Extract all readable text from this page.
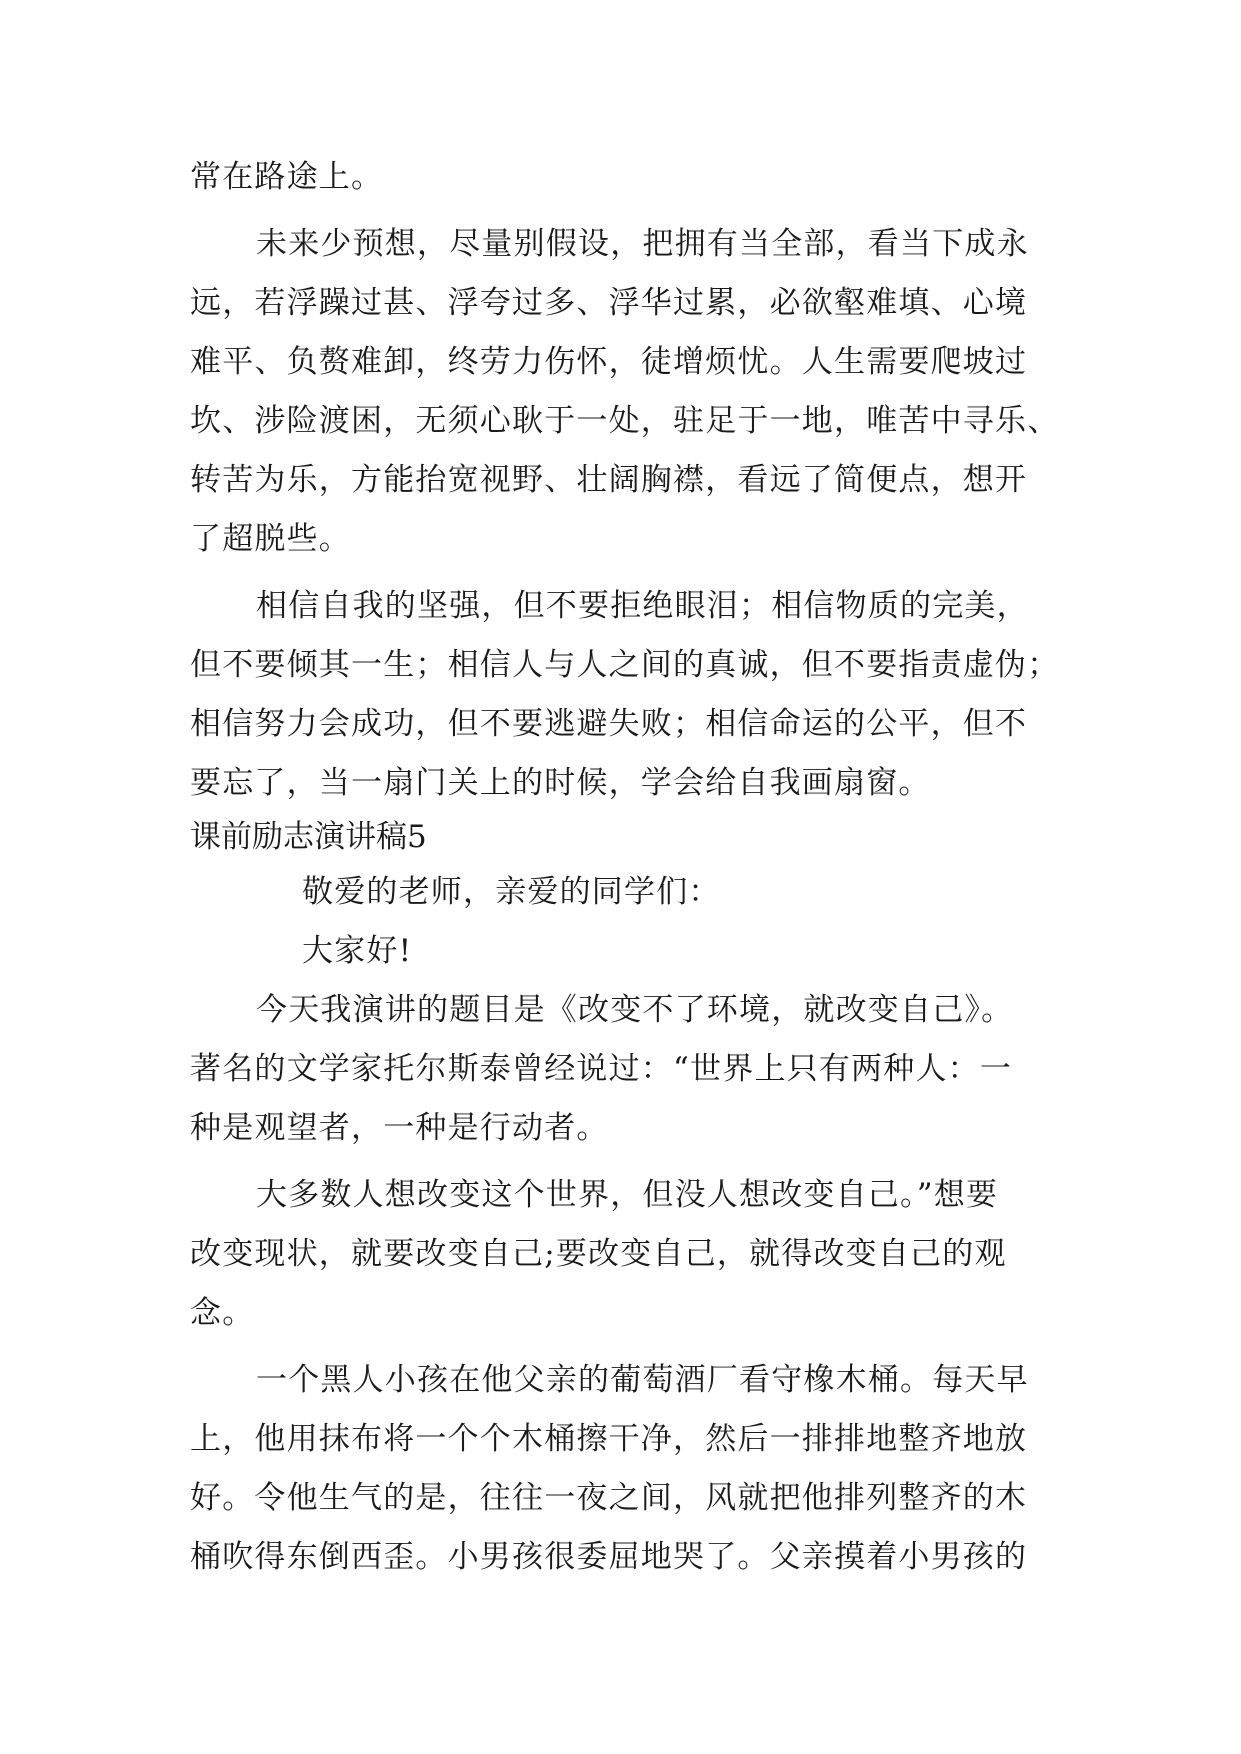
常在路途上。

未来少预想，尽量别假设，把拥有当全部，看当下成永

远，若浮躁过甚、浮夸过多、浮华过累，必欲壑难填、心境

难平、负赘难卸，终劳力伤怀，徒增烦忧。人生需要爬坡过

坎、涉险渡困，无须心耿于一处，驻足于一地，唯苦中寻乐、

转苦为乐，方能抬宽视野、壮阔胸襟，看远了简便点，想开

了超脱些。

相信自我的坚强，但不要拒绝眼泪；相信物质的完美，

但不要倾其一生；相信人与人之间的真诚，但不要指责虚伪；

相信努力会成功，但不要逃避失败；相信命运的公平，但不

要忘了，当一扇门关上的时候，学会给自我画扇窗。

课前励志演讲稿5

敬爱的老师，亲爱的同学们：

大家好!

今天我演讲的题目是《改变不了环境，就改变自己》。

著名的文学家托尔斯泰曾经说过：“世界上只有两种人：一

种是观望者，一种是行动者。

大多数人想改变这个世界，但没人想改变自己。”想要

改变现状，就要改变自己;要改变自己，就得改变自己的观

念。

一个黑人小孩在他父亲的葡萄酒厂看守橡木桶。每天早

上，他用抹布将一个个木桶擦干净，然后一排排地整齐地放

好。令他生气的是，往往一夜之间，风就把他排列整齐的木

桶吹得东倒西歪。小男孩很委屈地哭了。父亲摸着小男孩的
